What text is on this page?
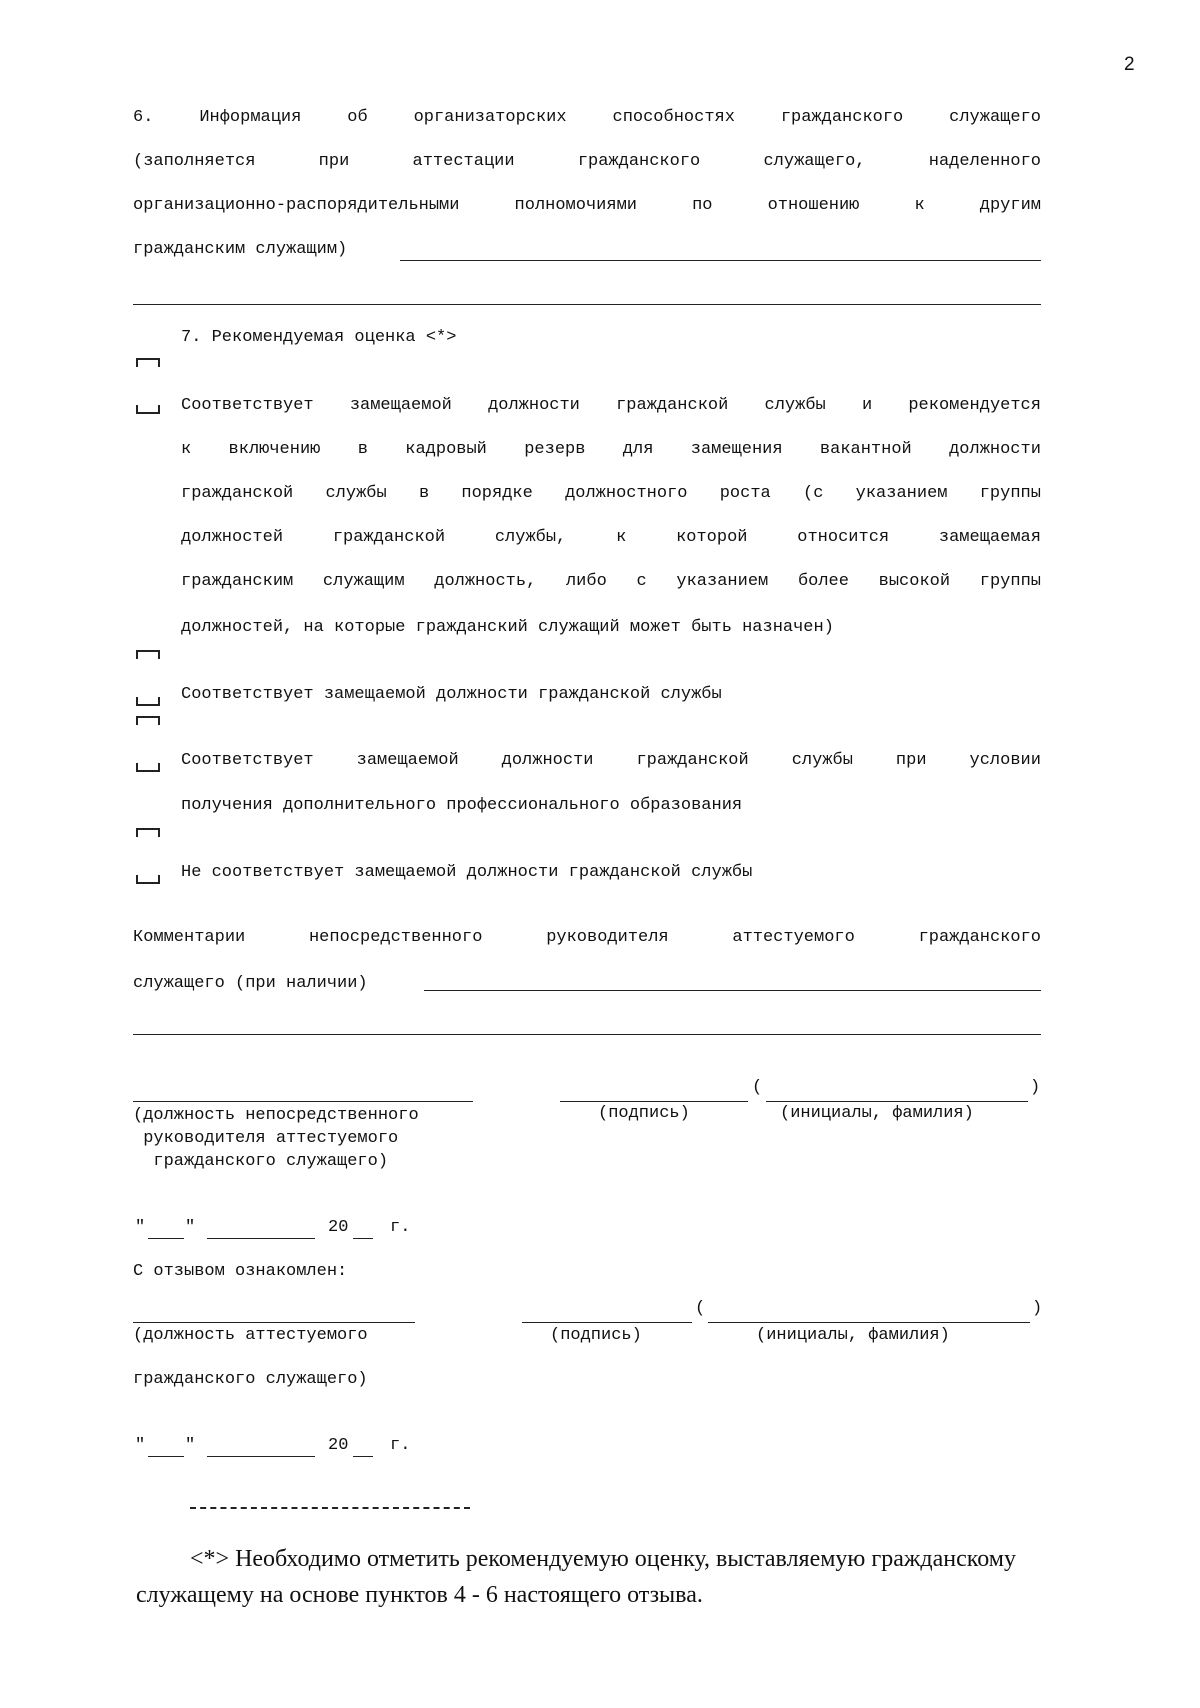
2
6.	Информация	об	организаторских	способностях	гражданского	служащего
(заполняется	при	аттестации	гражданского	служащего,	наделенного
организационно-распорядительными	полномочиями	по	отношению	к	другим
гражданским служащим)
7. Рекомендуемая оценка <*>
Соответствует замещаемой должности гражданской службы и рекомендуется
к включению в кадровый резерв для замещения вакантной должности
гражданской службы в порядке должностного роста (с указанием группы
должностей	гражданской	службы,	к	которой	относится	замещаемая
гражданским служащим должность, либо с указанием более высокой группы
должностей, на которые гражданский служащий может быть назначен)
Соответствует замещаемой должности гражданской службы
Соответствует	замещаемой	должности	гражданской	службы	при	условии
получения дополнительного профессионального образования
Не соответствует замещаемой должности гражданской службы
Комментарии	непосредственного	руководителя	аттестуемого	гражданского
служащего (при наличии)
(	)
(должность непосредственного
руководителя аттестуемого
гражданского служащего)
(подпись)	(инициалы, фамилия)
" "	20 г.
С отзывом ознакомлен:
(	)
(должность аттестуемого	(подпись)	(инициалы, фамилия)
гражданского служащего)
" "	20 г.
<*> Необходимо отметить рекомендуемую оценку, выставляемую гражданскому
служащему на основе пунктов 4 - 6 настоящего отзыва.
